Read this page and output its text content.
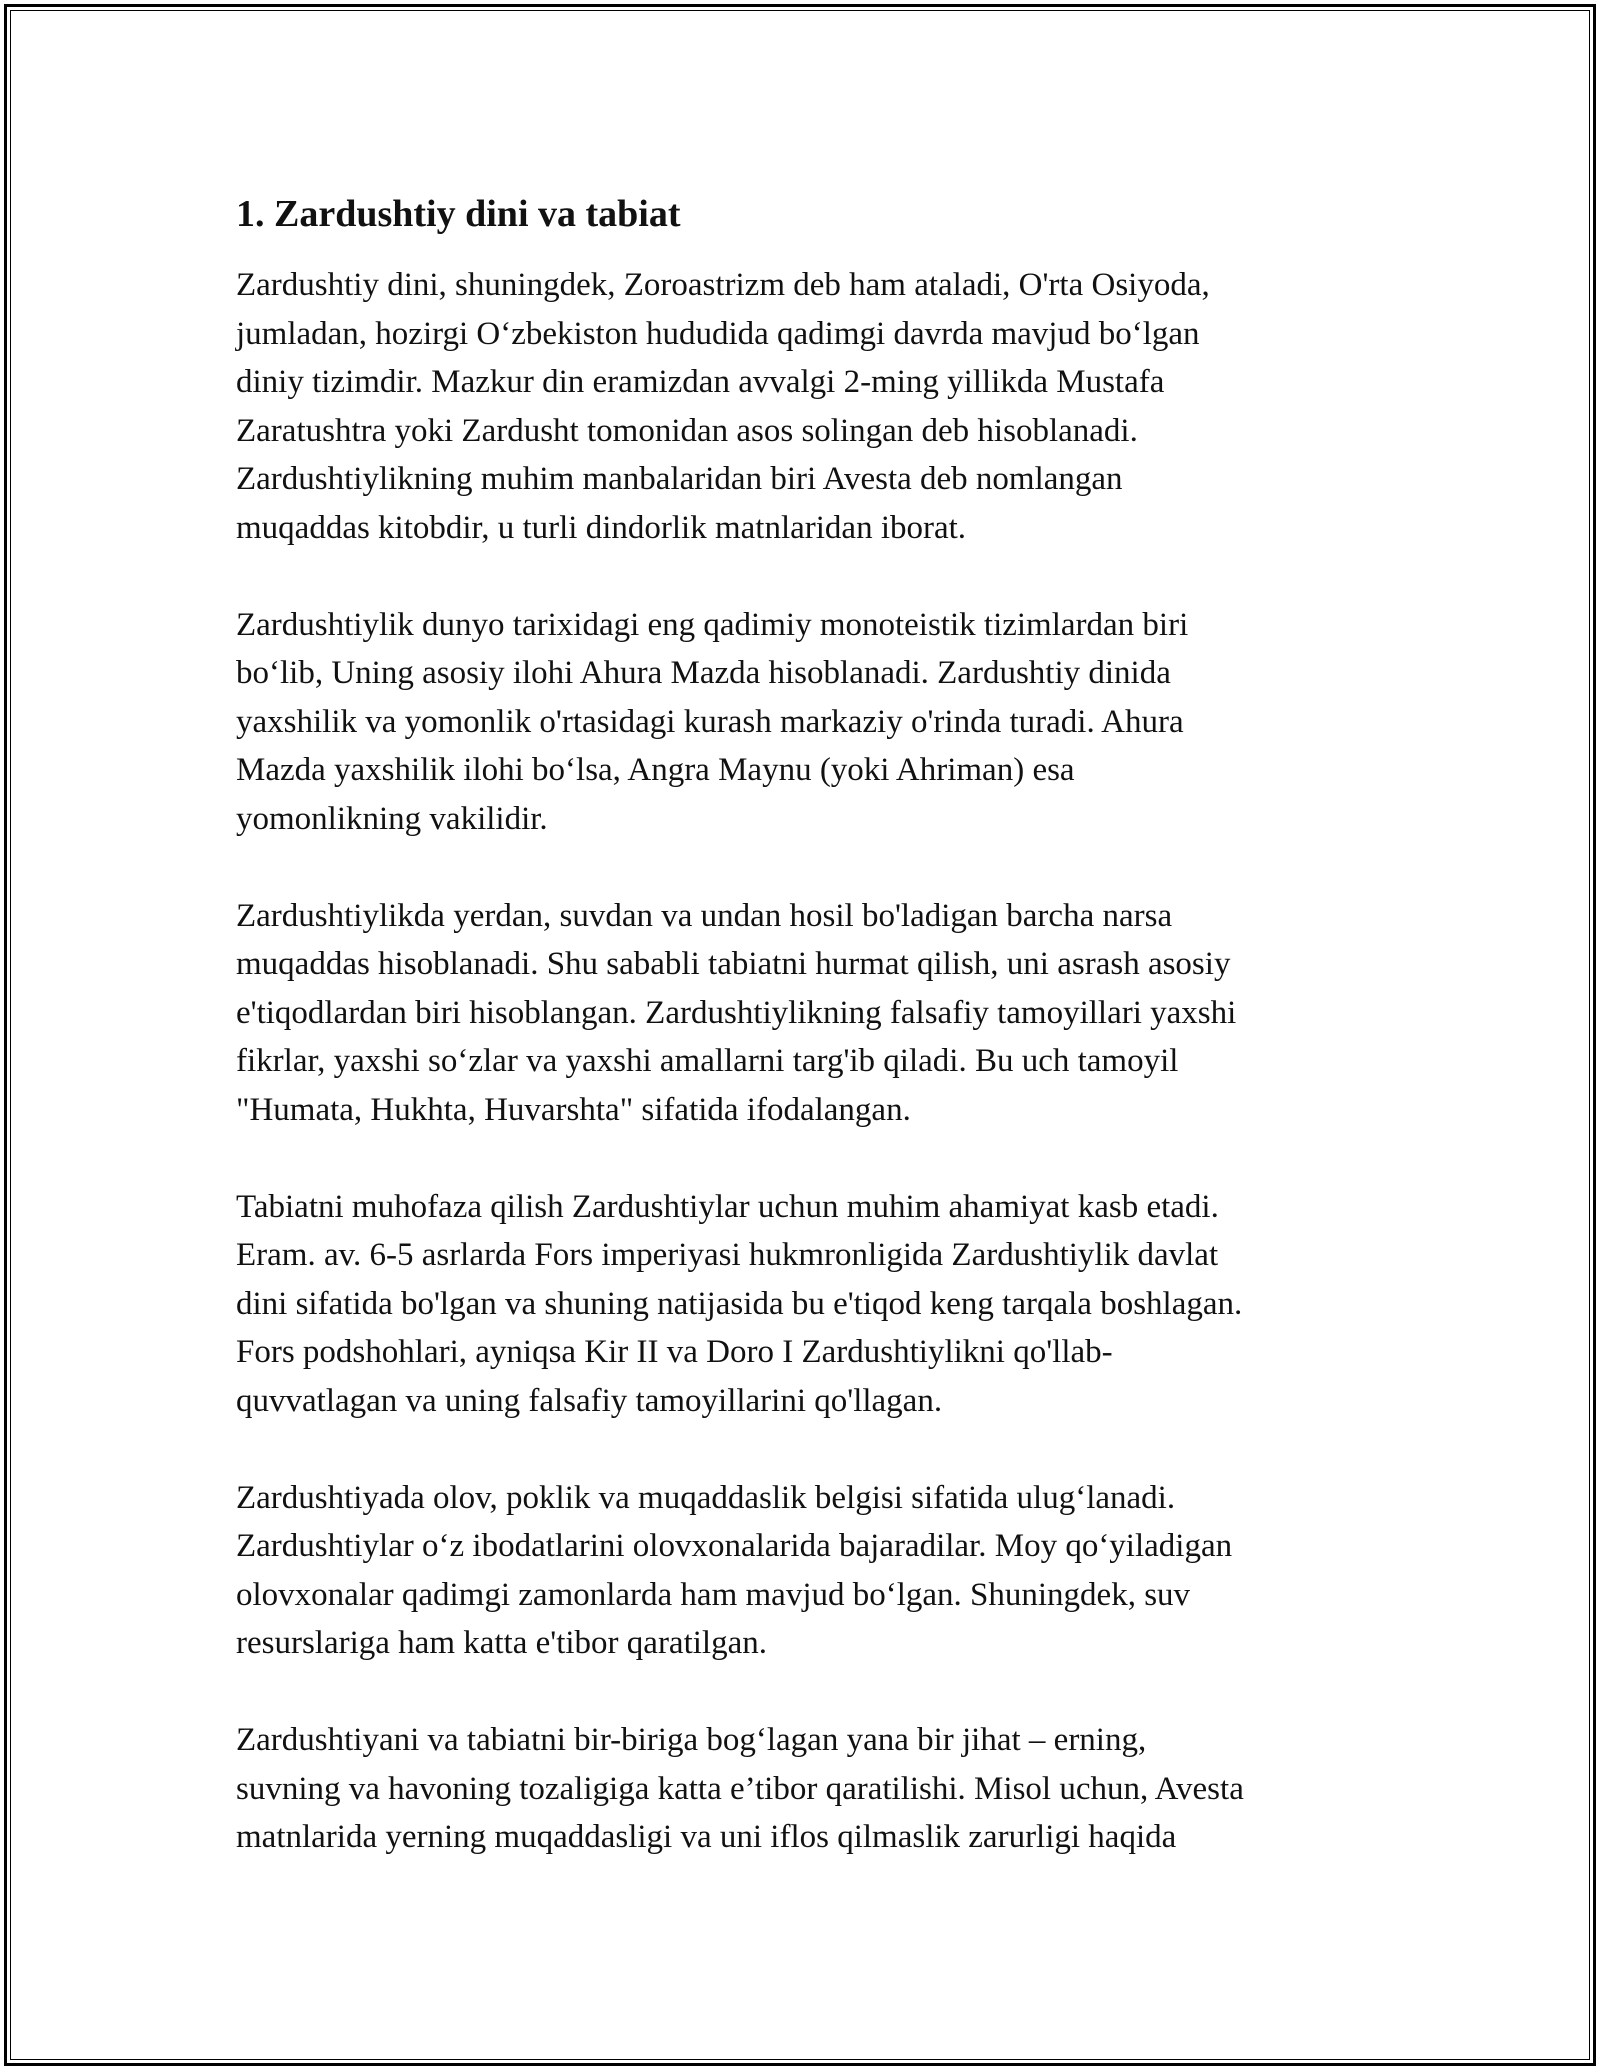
1. Zardushtiy dini va tabiat

Zardushtiy dini, shuningdek, Zoroastrizm deb ham ataladi, O'rta Osiyoda,
jumladan, hozirgi O‘zbekiston hududida qadimgi davrda mavjud bo‘lgan
diniy tizimdir. Mazkur din eramizdan avvalgi 2-ming yillikda Mustafa
Zaratushtra yoki Zardusht tomonidan asos solingan deb hisoblanadi.
Zardushtiylikning muhim manbalaridan biri Avesta deb nomlangan
muqaddas kitobdir, u turli dindorlik matnlaridan iborat.

Zardushtiylik dunyo tarixidagi eng qadimiy monoteistik tizimlardan biri
bo‘lib, Uning asosiy ilohi Ahura Mazda hisoblanadi. Zardushtiy dinida
yaxshilik va yomonlik o'rtasidagi kurash markaziy o'rinda turadi. Ahura
Mazda yaxshilik ilohi bo‘lsa, Angra Maynu (yoki Ahriman) esa
yomonlikning vakilidir.

Zardushtiylikda yerdan, suvdan va undan hosil bo'ladigan barcha narsa
muqaddas hisoblanadi. Shu sababli tabiatni hurmat qilish, uni asrash asosiy
e'tiqodlardan biri hisoblangan. Zardushtiylikning falsafiy tamoyillari yaxshi
fikrlar, yaxshi so‘zlar va yaxshi amallarni targ'ib qiladi. Bu uch tamoyil
"Humata, Hukhta, Huvarshta" sifatida ifodalangan.

Tabiatni muhofaza qilish Zardushtiylar uchun muhim ahamiyat kasb etadi.
Eram. av. 6-5 asrlarda Fors imperiyasi hukmronligida Zardushtiylik davlat
dini sifatida bo'lgan va shuning natijasida bu e'tiqod keng tarqala boshlagan.
Fors podshohlari, ayniqsa Kir II va Doro I Zardushtiylikni qo'llab-
quvvatlagan va uning falsafiy tamoyillarini qo'llagan.

Zardushtiyada olov, poklik va muqaddaslik belgisi sifatida ulug‘lanadi.
Zardushtiylar o‘z ibodatlarini olovxonalarida bajaradilar. Moy qo‘yiladigan
olovxonalar qadimgi zamonlarda ham mavjud bo‘lgan. Shuningdek, suv
resurslariga ham katta e'tibor qaratilgan.

Zardushtiyani va tabiatni bir-biriga bog‘lagan yana bir jihat – erning,
suvning va havoning tozaligiga katta e’tibor qaratilishi. Misol uchun, Avesta
matnlarida yerning muqaddasligi va uni iflos qilmaslik zarurligi haqida
